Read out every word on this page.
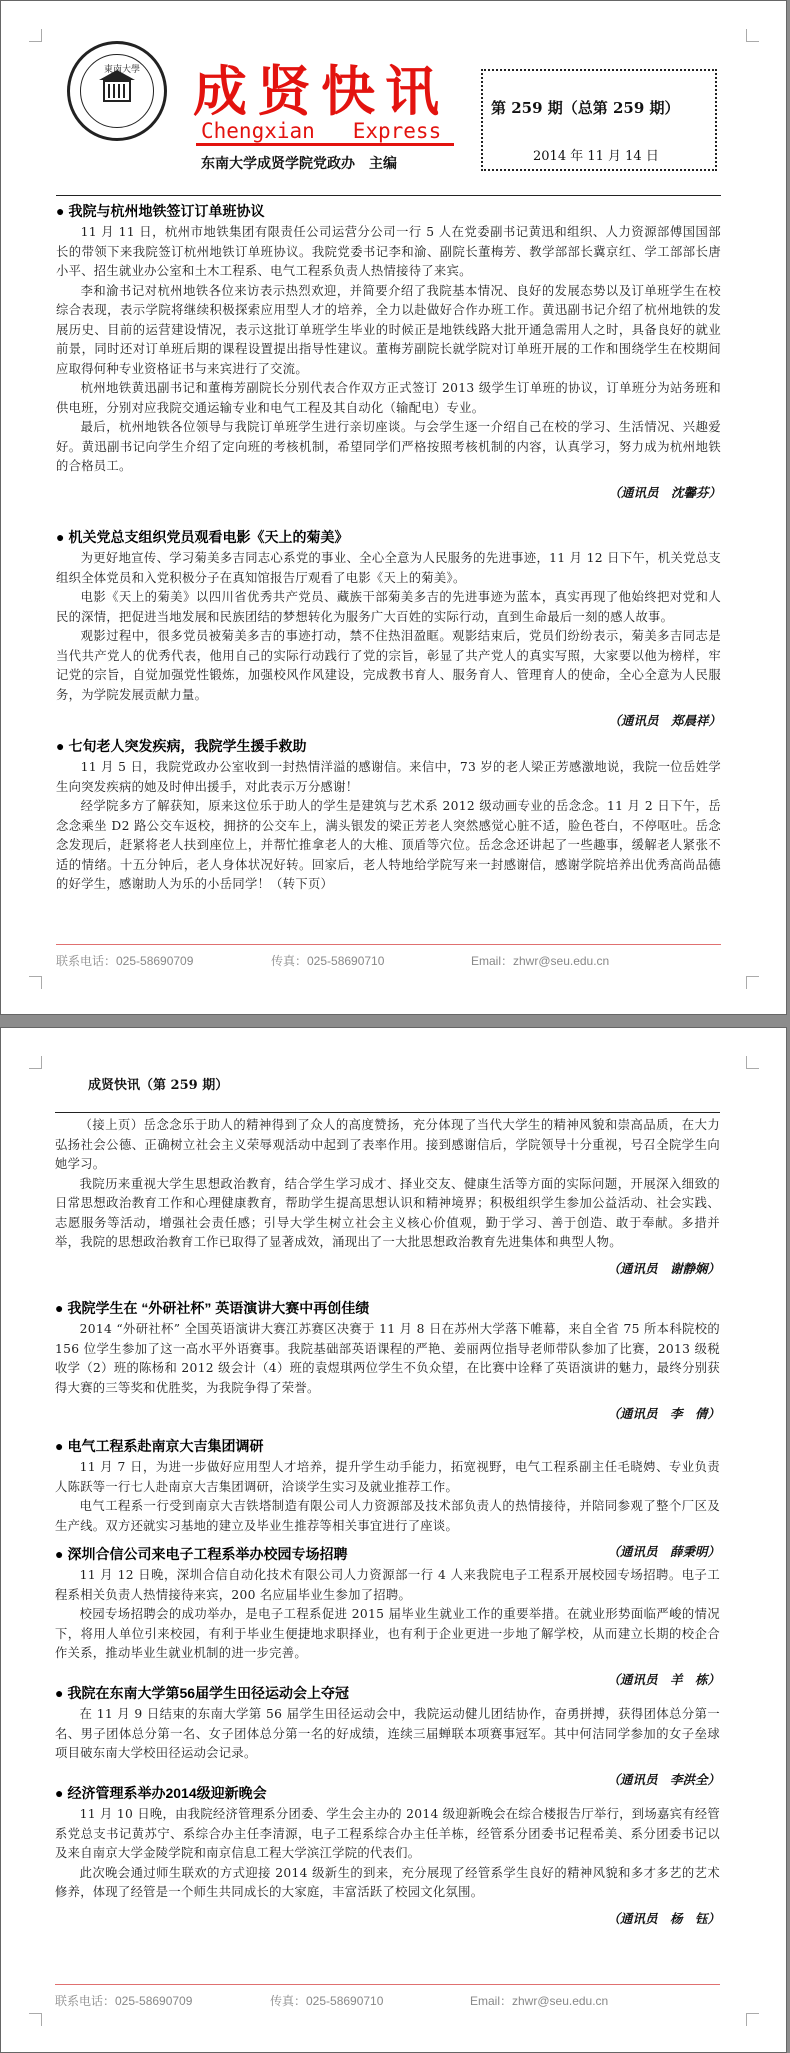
東南大學 成贤快讯
Chengxian   Express
东南大学成贤学院党政办　主编
第 259 期（总第 259 期）
2014 年 11 月 14 日
● 我院与杭州地铁签订订单班协议

11 月 11 日，杭州市地铁集团有限责任公司运营分公司一行 5 人在党委副书记黄迅和组织、人力资源部傅国国部长的带领下来我院签订杭州地铁订单班协议。我院党委书记李和渝、副院长董梅芳、教学部部长冀京红、学工部部长唐小平、招生就业办公室和土木工程系、电气工程系负责人热情接待了来宾。

李和渝书记对杭州地铁各位来访表示热烈欢迎，并简要介绍了我院基本情况、良好的发展态势以及订单班学生在校综合表现，表示学院将继续积极探索应用型人才的培养，全力以赴做好合作办班工作。黄迅副书记介绍了杭州地铁的发展历史、目前的运营建设情况，表示这批订单班学生毕业的时候正是地铁线路大批开通急需用人之时，具备良好的就业前景，同时还对订单班后期的课程设置提出指导性建议。董梅芳副院长就学院对订单班开展的工作和围绕学生在校期间应取得何种专业资格证书与来宾进行了交流。

杭州地铁黄迅副书记和董梅芳副院长分别代表合作双方正式签订 2013 级学生订单班的协议，订单班分为站务班和供电班，分别对应我院交通运输专业和电气工程及其自动化（输配电）专业。

最后，杭州地铁各位领导与我院订单班学生进行亲切座谈。与会学生逐一介绍自己在校的学习、生活情况、兴趣爱好。黄迅副书记向学生介绍了定向班的考核机制，希望同学们严格按照考核机制的内容，认真学习，努力成为杭州地铁的合格员工。

（通讯员　沈馨芬）
● 机关党总支组织党员观看电影《天上的菊美》

为更好地宣传、学习菊美多吉同志心系党的事业、全心全意为人民服务的先进事迹，11 月 12 日下午，机关党总支组织全体党员和入党积极分子在真知馆报告厅观看了电影《天上的菊美》。

电影《天上的菊美》以四川省优秀共产党员、藏族干部菊美多吉的先进事迹为蓝本，真实再现了他始终把对党和人民的深情，把促进当地发展和民族团结的梦想转化为服务广大百姓的实际行动，直到生命最后一刻的感人故事。

观影过程中，很多党员被菊美多吉的事迹打动，禁不住热泪盈眶。观影结束后，党员们纷纷表示，菊美多吉同志是当代共产党人的优秀代表，他用自己的实际行动践行了党的宗旨，彰显了共产党人的真实写照，大家要以他为榜样，牢记党的宗旨，自觉加强党性锻炼，加强校风作风建设，完成教书育人、服务育人、管理育人的使命，全心全意为人民服务，为学院发展贡献力量。

（通讯员　郑晨祥）
● 七旬老人突发疾病，我院学生援手救助

11 月 5 日，我院党政办公室收到一封热情洋溢的感谢信。来信中，73 岁的老人梁正芳感激地说，我院一位岳姓学生向突发疾病的她及时伸出援手，对此表示万分感谢！

经学院多方了解获知，原来这位乐于助人的学生是建筑与艺术系 2012 级动画专业的岳念念。11 月 2 日下午，岳念念乘坐 D2 路公交车返校，拥挤的公交车上，满头银发的梁正芳老人突然感觉心脏不适，脸色苍白，不停呕吐。岳念念发现后，赶紧将老人扶到座位上，并帮忙推拿老人的大椎、顶盾等穴位。岳念念还讲起了一些趣事，缓解老人紧张不适的情绪。十五分钟后，老人身体状况好转。回家后，老人特地给学院写来一封感谢信，感谢学院培养出优秀高尚品德的好学生，感谢助人为乐的小岳同学！（转下页）

联系电话：025-58690709	传真：025-58690710	Email：zhwr@seu.edu.cn
成贤快讯（第 259 期）

（接上页）岳念念乐于助人的精神得到了众人的高度赞扬，充分体现了当代大学生的精神风貌和崇高品质，在大力弘扬社会公德、正确树立社会主义荣辱观活动中起到了表率作用。接到感谢信后，学院领导十分重视，号召全院学生向她学习。

我院历来重视大学生思想政治教育，结合学生学习成才、择业交友、健康生活等方面的实际问题，开展深入细致的日常思想政治教育工作和心理健康教育，帮助学生提高思想认识和精神境界；积极组织学生参加公益活动、社会实践、志愿服务等活动，增强社会责任感；引导大学生树立社会主义核心价值观，勤于学习、善于创造、敢于奉献。多措并举，我院的思想政治教育工作已取得了显著成效，涌现出了一大批思想政治教育先进集体和典型人物。

（通讯员　谢静娴）
● 我院学生在 “外研社杯” 英语演讲大赛中再创佳绩

2014 “外研社杯” 全国英语演讲大赛江苏赛区决赛于 11 月 8 日在苏州大学落下帷幕，来自全省 75 所本科院校的 156 位学生参加了这一高水平外语赛事。我院基础部英语课程的严艳、姜丽两位指导老师带队参加了比赛，2013 级税收学（2）班的陈杨和 2012 级会计（4）班的袁煜琪两位学生不负众望，在比赛中诠释了英语演讲的魅力，最终分别获得大赛的三等奖和优胜奖，为我院争得了荣誉。

（通讯员　李　倩）
● 电气工程系赴南京大吉集团调研

11 月 7 日，为进一步做好应用型人才培养，提升学生动手能力，拓宽视野，电气工程系副主任毛晓娉、专业负责人陈跃等一行七人赴南京大吉集团调研，洽谈学生实习及就业推荐工作。

电气工程系一行受到南京大吉铁塔制造有限公司人力资源部及技术部负责人的热情接待，并陪同参观了整个厂区及生产线。双方还就实习基地的建立及毕业生推荐等相关事宜进行了座谈。

（通讯员　薛秉明）
● 深圳合信公司来电子工程系举办校园专场招聘

11 月 12 日晚，深圳合信自动化技术有限公司人力资源部一行 4 人来我院电子工程系开展校园专场招聘。电子工程系相关负责人热情接待来宾，200 名应届毕业生参加了招聘。

校园专场招聘会的成功举办，是电子工程系促进 2015 届毕业生就业工作的重要举措。在就业形势面临严峻的情况下，将用人单位引来校园，有利于毕业生便捷地求职择业，也有利于企业更进一步地了解学校，从而建立长期的校企合作关系，推动毕业生就业机制的进一步完善。

（通讯员　羊　栋）
● 我院在东南大学第56届学生田径运动会上夺冠

在 11 月 9 日结束的东南大学第 56 届学生田径运动会中，我院运动健儿团结协作，奋勇拼搏，获得团体总分第一名、男子团体总分第一名、女子团体总分第一名的好成绩，连续三届蝉联本项赛事冠军。其中何洁同学参加的女子垒球项目破东南大学校田径运动会记录。

（通讯员　李洪全）
● 经济管理系举办2014级迎新晚会

11 月 10 日晚，由我院经济管理系分团委、学生会主办的 2014 级迎新晚会在综合楼报告厅举行，到场嘉宾有经管系党总支书记黄苏宁、系综合办主任李清源，电子工程系综合办主任羊栋，经管系分团委书记程希美、系分团委书记以及来自南京大学金陵学院和南京信息工程大学滨江学院的代表们。

此次晚会通过师生联欢的方式迎接 2014 级新生的到来，充分展现了经管系学生良好的精神风貌和多才多艺的艺术修养，体现了经管是一个师生共同成长的大家庭，丰富活跃了校园文化氛围。

（通讯员　杨　钰）
联系电话：025-58690709	传真：025-58690710	Email：zhwr@seu.edu.cn
